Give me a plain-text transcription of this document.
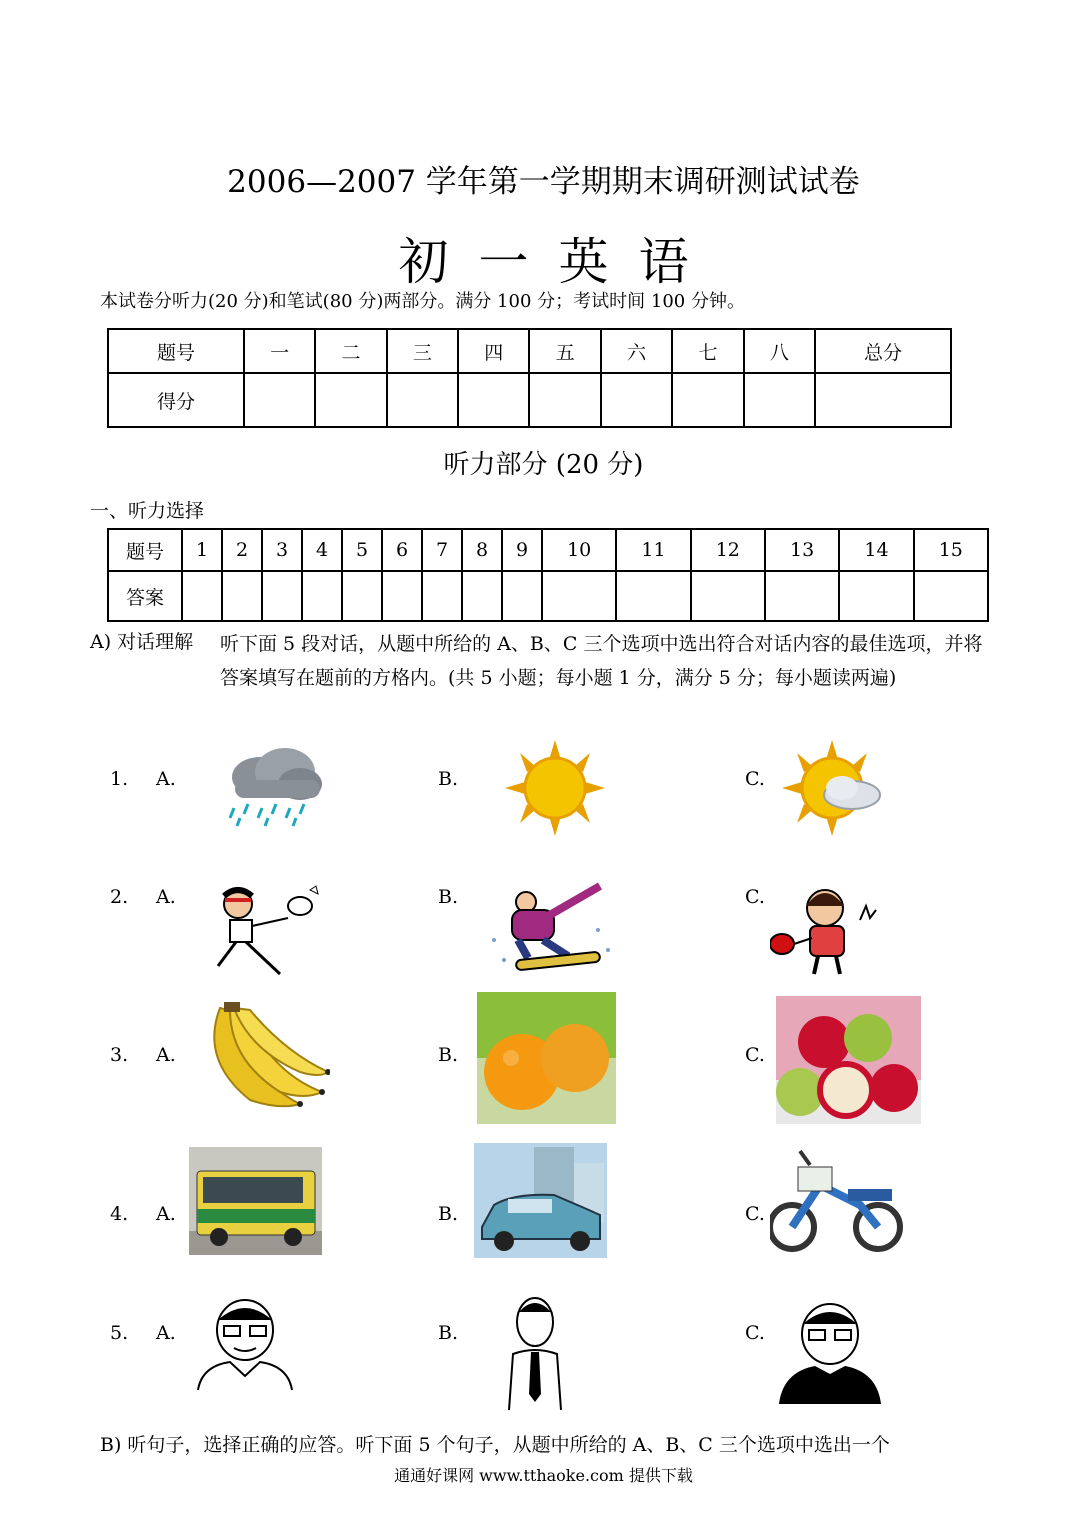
2006—2007 学年第一学期期末调研测试试卷
初一英语
本试卷分听力(20 分)和笔试(80 分)两部分。满分 100 分；考试时间 100 分钟。
题号	一	二	三	四	五	六	七	八	总分
得分									
听力部分 (20 分)
一、听力选择
题号	1	2	3	4	5	6	7	8	9	10	11	12	13	14	15
答案															
A) 对话理解 听下面 5 段对话，从题中所给的 A、B、C 三个选项中选出符合对话内容的最佳选项，并将答案填写在题前的方格内。(共 5 小题；每小题 1 分，满分 5 分；每小题读两遍)
1. A.	B.	C.
2. A.	B.	C.
3. A.	B.	C.
4. A.	B.	C.
5. A.	B.	C.
B) 听句子，选择正确的应答。听下面 5 个句子，从题中所给的 A、B、C 三个选项中选出一个
通通好课网 www.tthaoke.com 提供下载
